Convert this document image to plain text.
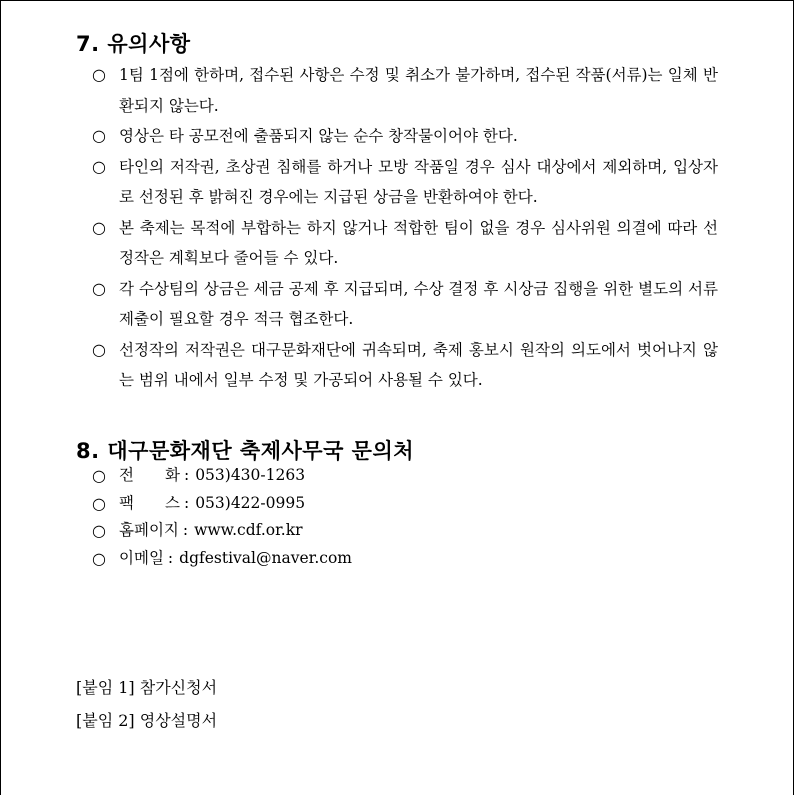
7. 유의사항
○ 1팀 1점에 한하며, 접수된 사항은 수정 및 취소가 불가하며, 접수된 작품(서류)는 일체 반환되지 않는다.
○ 영상은 타 공모전에 출품되지 않는 순수 창작물이어야 한다.
○ 타인의 저작권, 초상권 침해를 하거나 모방 작품일 경우 심사 대상에서 제외하며, 입상자로 선정된 후 밝혀진 경우에는 지급된 상금을 반환하여야 한다.
○ 본 축제는 목적에 부합하는 하지 않거나 적합한 팀이 없을 경우 심사위원 의결에 따라 선정작은 계획보다 줄어들 수 있다.
○ 각 수상팀의 상금은 세금 공제 후 지급되며, 수상 결정 후 시상금 집행을 위한 별도의 서류 제출이 필요할 경우 적극 협조한다.
○ 선정작의 저작권은 대구문화재단에 귀속되며, 축제 홍보시 원작의 의도에서 벗어나지 않는 범위 내에서 일부 수정 및 가공되어 사용될 수 있다.
8. 대구문화재단 축제사무국 문의처
○ 전　　화 : 053)430-1263
○ 팩　　스 : 053)422-0995
○ 홈페이지 : www.cdf.or.kr
○ 이메일 : dgfestival@naver.com
[붙임 1] 참가신청서
[붙임 2] 영상설명서
